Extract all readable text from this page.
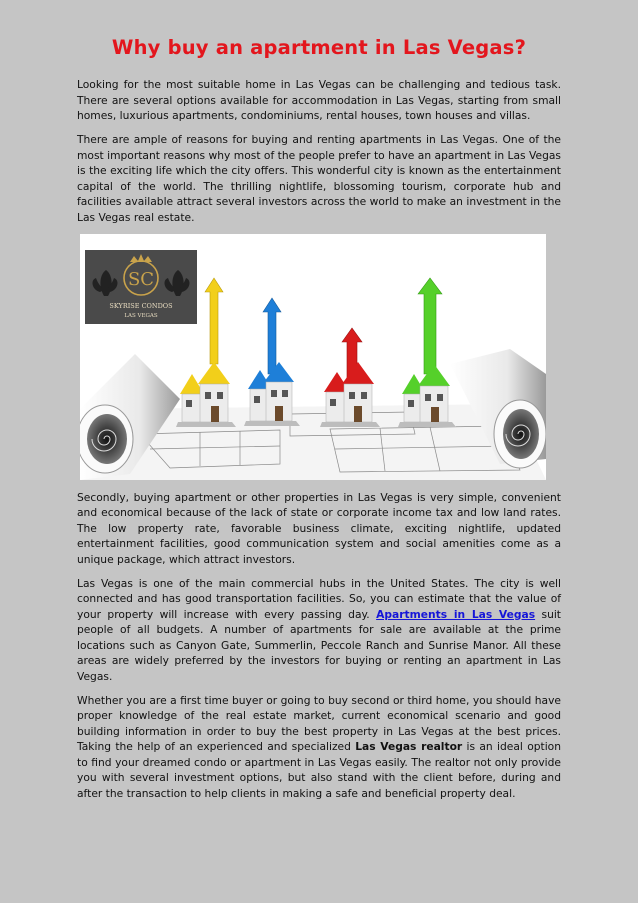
Why buy an apartment in Las Vegas?

Looking for the most suitable home in Las Vegas can be challenging and tedious task. There are several options available for accommodation in Las Vegas, starting from small homes, luxurious apartments, condominiums, rental houses, town houses and villas.

There are ample of reasons for buying and renting apartments in Las Vegas. One of the most important reasons why most of the people prefer to have an apartment in Las Vegas is the exciting life which the city offers. This wonderful city is known as the entertainment capital of the world. The thrilling nightlife, blossoming tourism, corporate hub and facilities available attract several investors across the world to make an investment in the Las Vegas real estate.

SC
SKYRISE CONDOS
LAS VEGAS

Secondly, buying apartment or other properties in Las Vegas is very simple, convenient and economical because of the lack of state or corporate income tax and low land rates. The low property rate, favorable business climate, exciting nightlife, updated entertainment facilities, good communication system and social amenities come as a unique package, which attract investors.

Las Vegas is one of the main commercial hubs in the United States. The city is well connected and has good transportation facilities. So, you can estimate that the value of your property will increase with every passing day. Apartments in Las Vegas suit people of all budgets. A number of apartments for sale are available at the prime locations such as Canyon Gate, Summerlin, Peccole Ranch and Sunrise Manor. All these areas are widely preferred by the investors for buying or renting an apartment in Las Vegas.

Whether you are a first time buyer or going to buy second or third home, you should have proper knowledge of the real estate market, current economical scenario and good building information in order to buy the best property in Las Vegas at the best prices. Taking the help of an experienced and specialized Las Vegas realtor is an ideal option to find your dreamed condo or apartment in Las Vegas easily. The realtor not only provide you with several investment options, but also stand with the client before, during and after the transaction to help clients in making a safe and beneficial property deal.
